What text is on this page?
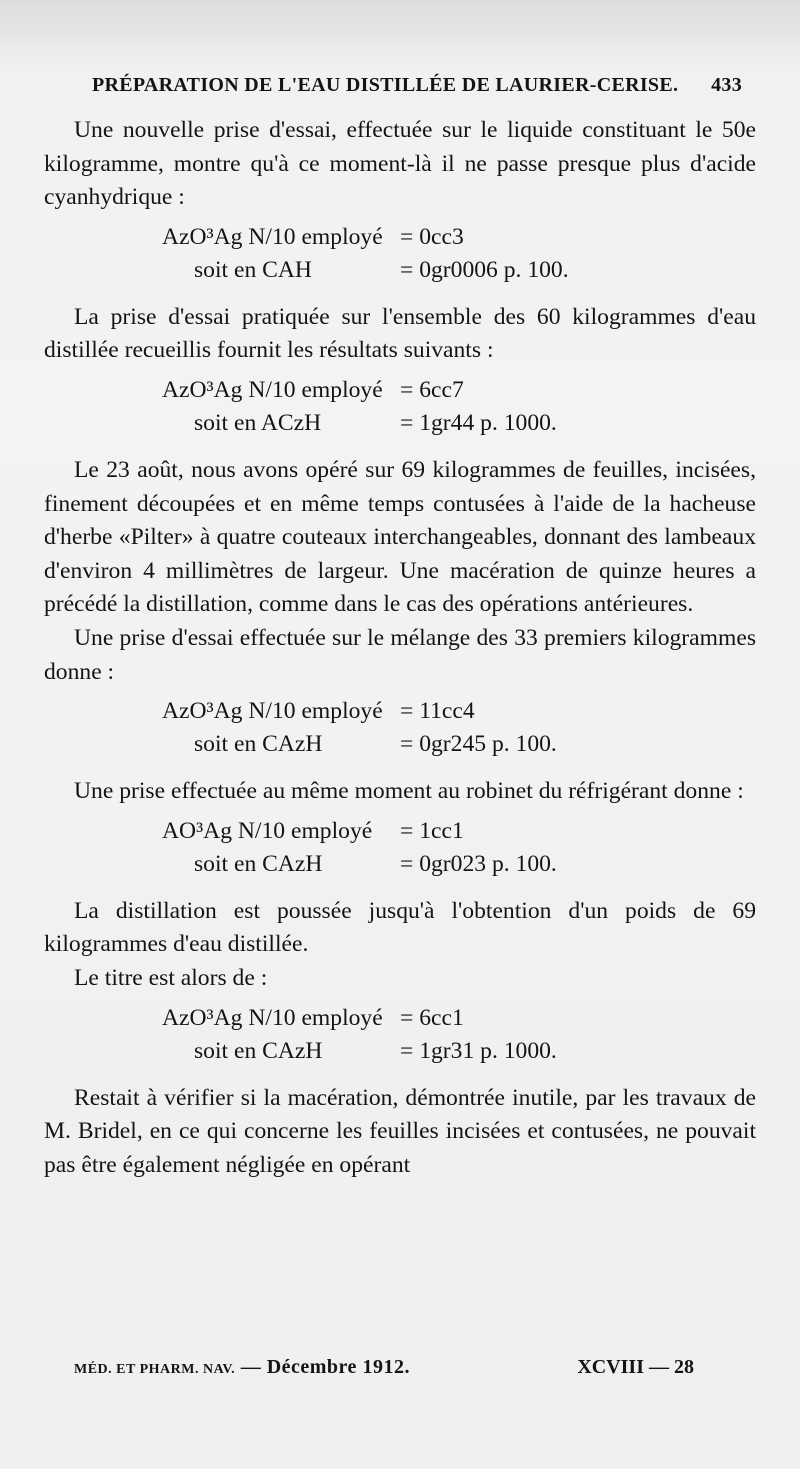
PRÉPARATION DE L'EAU DISTILLÉE DE LAURIER-CERISE. 433

Une nouvelle prise d'essai, effectuée sur le liquide constituant le 50e kilogramme, montre qu'à ce moment-là il ne passe presque plus d'acide cyanhydrique :

AzO³Ag N/10 employé = 0cc3
soit en CAH	= 0gr0006 p. 100.

La prise d'essai pratiquée sur l'ensemble des 60 kilogrammes d'eau distillée recueillis fournit les résultats suivants :

AzO³Ag N/10 employé = 6cc7
soit en ACzH	= 1gr44 p. 1000.

Le 23 août, nous avons opéré sur 69 kilogrammes de feuilles, incisées, finement découpées et en même temps contusées à l'aide de la hacheuse d'herbe «Pilter» à quatre couteaux interchangeables, donnant des lambeaux d'environ 4 millimètres de largeur. Une macération de quinze heures a précédé la distillation, comme dans le cas des opérations antérieures.

Une prise d'essai effectuée sur le mélange des 33 premiers kilogrammes donne :

AzO³Ag N/10 employé = 11cc4
soit en CAzH	= 0gr245 p. 100.

Une prise effectuée au même moment au robinet du réfrigérant donne :

AO³Ag N/10 employé	= 1cc1
soit en CAzH	= 0gr023 p. 100.

La distillation est poussée jusqu'à l'obtention d'un poids de 69 kilogrammes d'eau distillée.

Le titre est alors de :

AzO³Ag N/10 employé = 6cc1
soit en CAzH	= 1gr31 p. 1000.

Restait à vérifier si la macération, démontrée inutile, par les travaux de M. Bridel, en ce qui concerne les feuilles incisées et contusées, ne pouvait pas être également négligée en opérant

MÉD. ET PHARM. NAV. — Décembre 1912.	XCVIII — 28
